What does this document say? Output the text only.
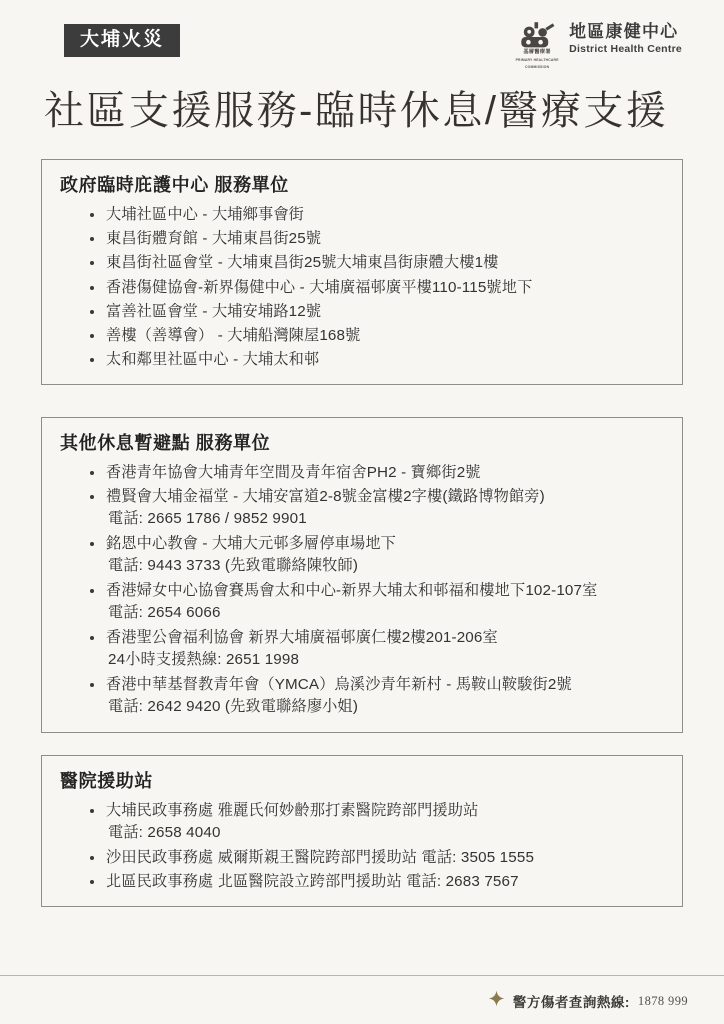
大埔火災
基層醫療署
PRIMARY HEALTHCARE
COMMISSION
地區康健中心
District Health Centre
社區支援服務-臨時休息/醫療支援
政府臨時庇護中心 服務單位
大埔社區中心 - 大埔鄉事會街
東昌街體育館 - 大埔東昌街25號
東昌街社區會堂 - 大埔東昌街25號大埔東昌街康體大樓1樓
香港傷健協會-新界傷健中心 - 大埔廣福邨廣平樓110-115號地下
富善社區會堂 - 大埔安埔路12號
善樓（善導會） - 大埔船灣陳屋168號
太和鄰里社區中心 - 大埔太和邨
其他休息暫避點 服務單位
香港青年協會大埔青年空間及青年宿舍PH2 - 寶鄉街2號
禮賢會大埔金福堂 - 大埔安富道2-8號金富樓2字樓(鐵路博物館旁)
電話: 2665 1786 / 9852 9901
銘恩中心教會 - 大埔大元邨多層停車場地下
電話: 9443 3733 (先致電聯絡陳牧師)
香港婦女中心協會賽馬會太和中心-新界大埔太和邨福和樓地下102-107室
電話: 2654 6066
香港聖公會福利協會 新界大埔廣福邨廣仁樓2樓201-206室
24小時支援熱線: 2651 1998
香港中華基督教青年會（YMCA）烏溪沙青年新村 - 馬鞍山鞍駿街2號
電話: 2642 9420 (先致電聯絡廖小姐)
醫院援助站
大埔民政事務處 雅麗氏何妙齡那打素醫院跨部門援助站
電話: 2658 4040
沙田民政事務處 威爾斯親王醫院跨部門援助站 電話: 3505 1555
北區民政事務處 北區醫院設立跨部門援助站 電話: 2683 7567
警方傷者查詢熱線: 1878 999
